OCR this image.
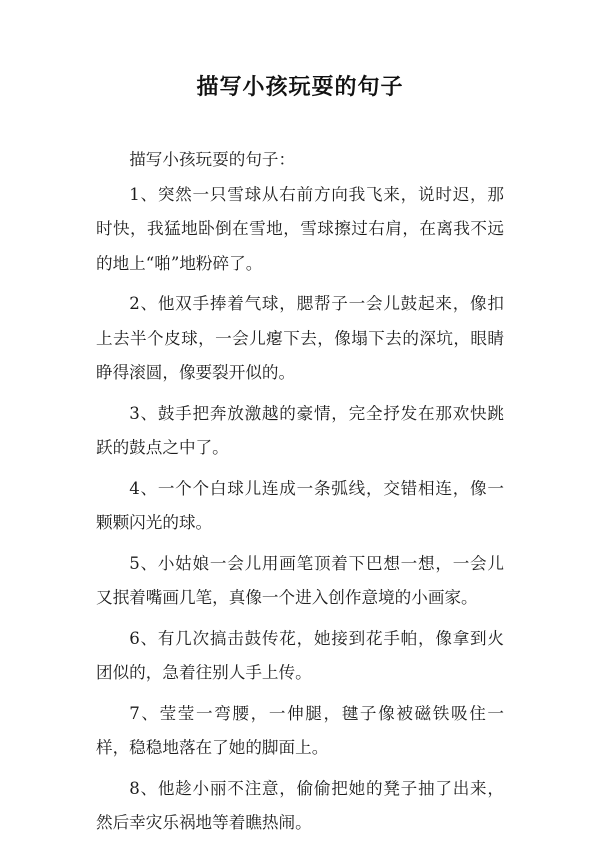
描写小孩玩耍的句子

描写小孩玩耍的句子：

1、突然一只雪球从右前方向我飞来，说时迟，那时快，我猛地卧倒在雪地，雪球擦过右肩，在离我不远的地上“啪”地粉碎了。

2、他双手捧着气球，腮帮子一会儿鼓起来，像扣上去半个皮球，一会儿瘪下去，像塌下去的深坑，眼睛睁得滚圆，像要裂开似的。

3、鼓手把奔放激越的豪情，完全抒发在那欢快跳跃的鼓点之中了。

4、一个个白球儿连成一条弧线，交错相连，像一颗颗闪光的球。

5、小姑娘一会儿用画笔顶着下巴想一想，一会儿又抿着嘴画几笔，真像一个进入创作意境的小画家。

6、有几次搞击鼓传花，她接到花手帕，像拿到火团似的，急着往别人手上传。

7、莹莹一弯腰，一伸腿，毽子像被磁铁吸住一样，稳稳地落在了她的脚面上。

8、他趁小丽不注意，偷偷把她的凳子抽了出来，然后幸灾乐祸地等着瞧热闹。
